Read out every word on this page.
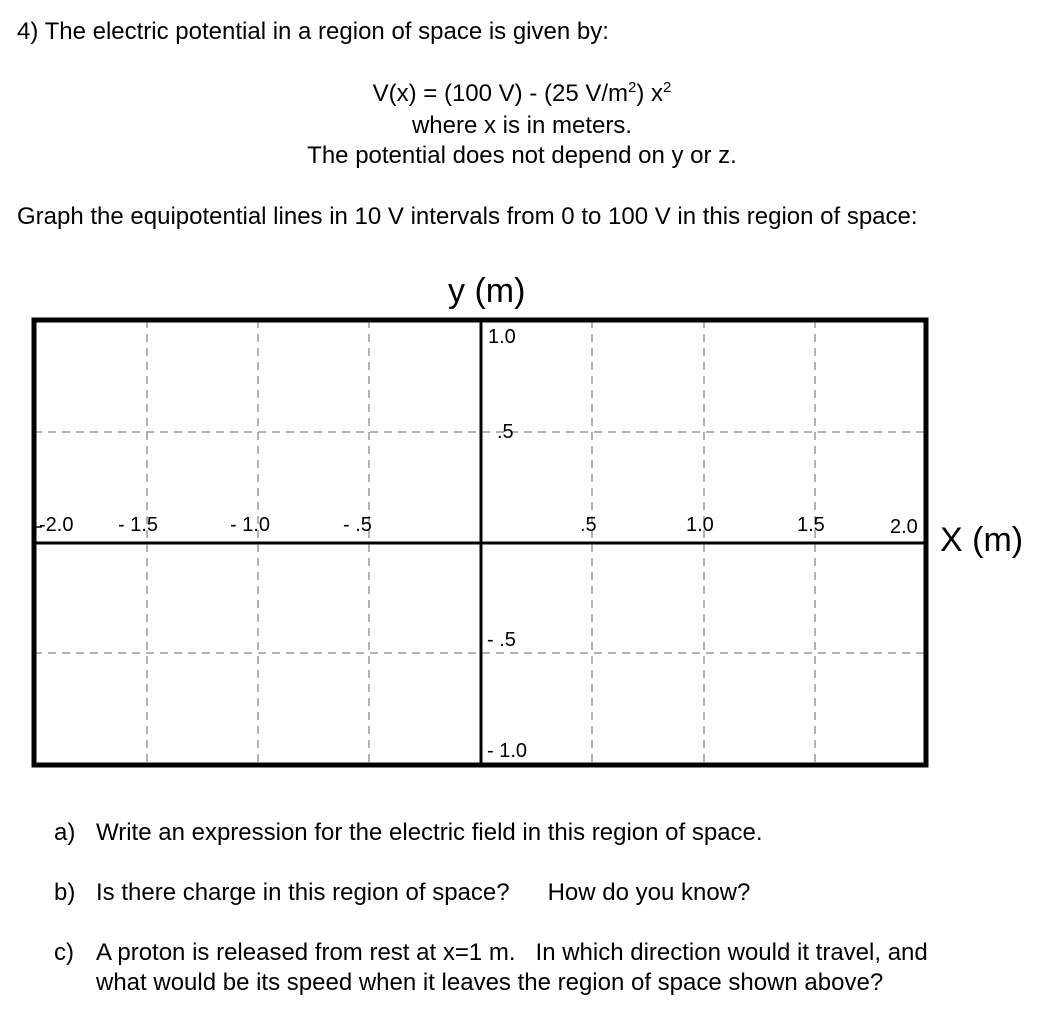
4) The electric potential in a region of space is given by:
V(x) = (100 V) - (25 $V/m^2$) $x^2$
where x is in meters.
The potential does not depend on y or z.
Graph the equipotential lines in 10 V intervals from 0 to 100 V in this region of space:
y (m)
X (m)
-2.0 - 1.5	- 1.0	- .5	.5	1.0	1.5	2.0
1.0
.5
- .5
- 1.0
a) Write an expression for the electric field in this region of space.
b) Is there charge in this region of space? How do you know?
c) A proton is released from rest at x=1 m. In which direction would it travel, and
what would be its speed when it leaves the region of space shown above?
